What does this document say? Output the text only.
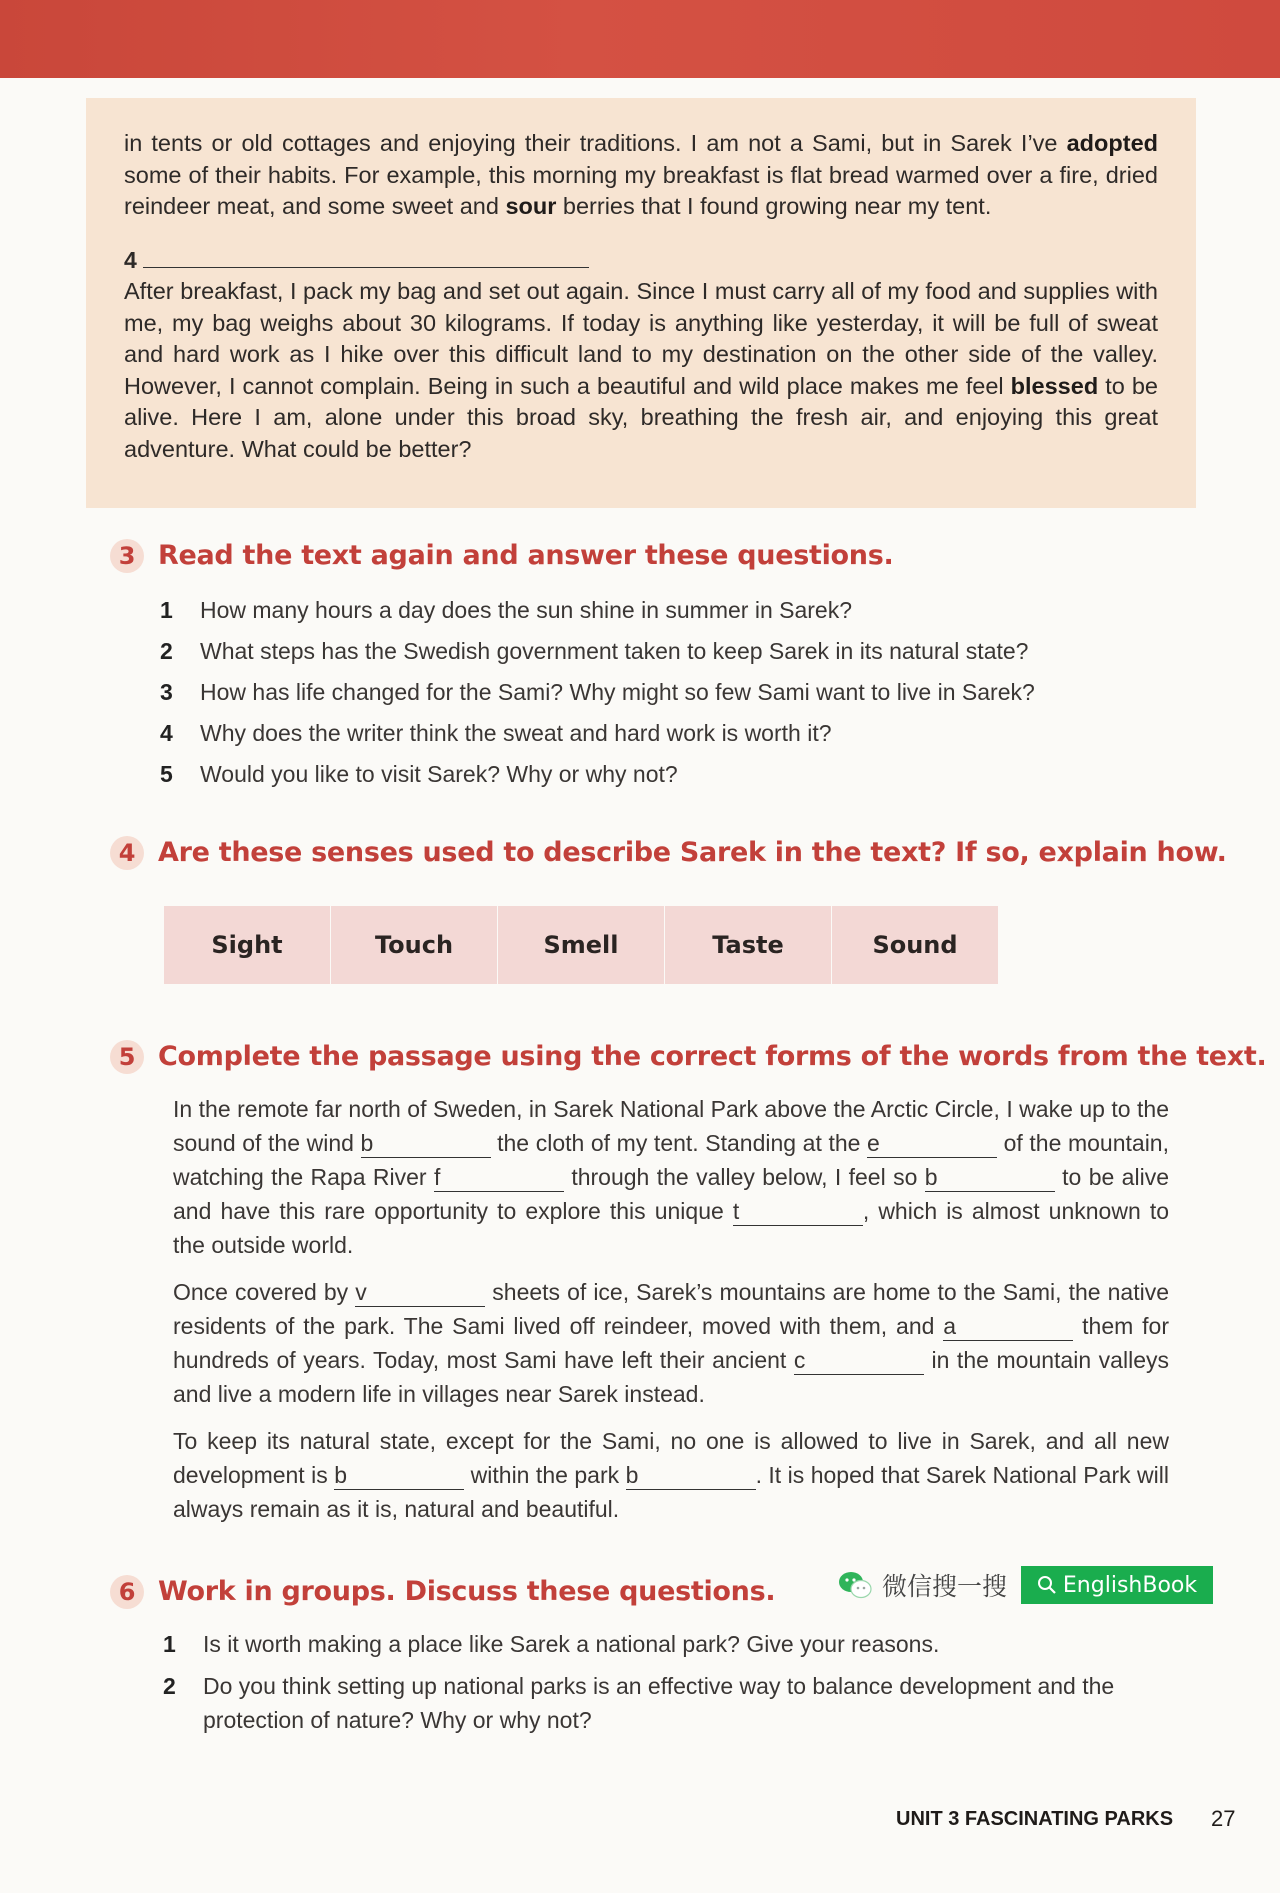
in tents or old cottages and enjoying their traditions. I am not a Sami, but in Sarek I’ve adopted some of their habits. For example, this morning my breakfast is flat bread warmed over a fire, dried reindeer meat, and some sweet and sour berries that I found growing near my tent.

4

After breakfast, I pack my bag and set out again. Since I must carry all of my food and supplies with me, my bag weighs about 30 kilograms. If today is anything like yesterday, it will be full of sweat and hard work as I hike over this difficult land to my destination on the other side of the valley. However, I cannot complain. Being in such a beautiful and wild place makes me feel blessed to be alive. Here I am, alone under this broad sky, breathing the fresh air, and enjoying this great adventure. What could be better?

3 Read the text again and answer these questions.
1	How many hours a day does the sun shine in summer in Sarek?
2	What steps has the Swedish government taken to keep Sarek in its natural state?
3	How has life changed for the Sami? Why might so few Sami want to live in Sarek?
4	Why does the writer think the sweat and hard work is worth it?
5	Would you like to visit Sarek? Why or why not?
4 Are these senses used to describe Sarek in the text? If so, explain how.
Sight	Touch	Smell	Taste	Sound
5 Complete the passage using the correct forms of the words from the text.

In the remote far north of Sweden, in Sarek National Park above the Arctic Circle, I wake up to the sound of the wind b	the cloth of my tent. Standing at the e	of the mountain, watching the Rapa River f	through the valley below, I feel so b	to be alive and have this rare opportunity to explore this unique t	, which is almost unknown to the outside world.

Once covered by v	sheets of ice, Sarek’s mountains are home to the Sami, the native residents of the park. The Sami lived off reindeer, moved with them, and a	them for hundreds of years. Today, most Sami have left their ancient c	in the mountain valleys and live a modern life in villages near Sarek instead.

To keep its natural state, except for the Sami, no one is allowed to live in Sarek, and all new development is b	within the park b	. It is hoped that Sarek National Park will always remain as it is, natural and beautiful.

6 Work in groups. Discuss these questions.	微信搜一搜	EnglishBook
1	Is it worth making a place like Sarek a national park? Give your reasons.
2	Do you think setting up national parks is an effective way to balance development and the protection of nature? Why or why not?
UNIT 3 FASCINATING PARKS 27
